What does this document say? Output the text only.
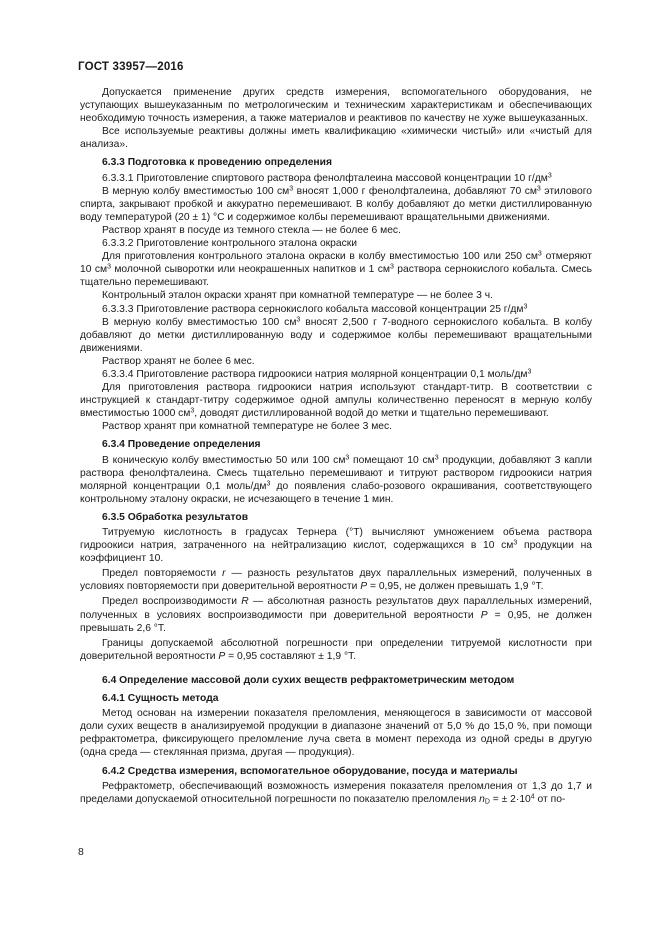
ГОСТ 33957—2016

Допускается применение других средств измерения, вспомогательного оборудования, не уступающих вышеуказанным по метрологическим и техническим характеристикам и обеспечивающих необходимую точность измерения, а также материалов и реактивов по качеству не хуже вышеуказанных.

Все используемые реактивы должны иметь квалификацию «химически чистый» или «чистый для анализа».

6.3.3 Подготовка к проведению определения

6.3.3.1 Приготовление спиртового раствора фенолфталеина массовой концентрации 10 $г/дм^3$

В мерную колбу вместимостью 100 $см^3$ вносят 1,000 г фенолфталеина, добавляют 70 $см^3$ этилового спирта, закрывают пробкой и аккуратно перемешивают. В колбу добавляют до метки дистиллированную воду температурой (20 ± 1) °С и содержимое колбы перемешивают вращательными движениями.

Раствор хранят в посуде из темного стекла — не более 6 мес.

6.3.3.2 Приготовление контрольного эталона окраски

Для приготовления контрольного эталона окраски в колбу вместимостью 100 или 250 $см^3$ отмеряют 10 $см^3$ молочной сыворотки или неокрашенных напитков и 1 $см^3$ раствора сернокислого кобальта. Смесь тщательно перемешивают.

Контрольный эталон окраски хранят при комнатной температуре — не более 3 ч.

6.3.3.3 Приготовление раствора сернокислого кобальта массовой концентрации 25 $г/дм^3$

В мерную колбу вместимостью 100 $см^3$ вносят 2,500 г 7-водного сернокислого кобальта. В колбу добавляют до метки дистиллированную воду и содержимое колбы перемешивают вращательными движениями.

Раствор хранят не более 6 мес.

6.3.3.4 Приготовление раствора гидроокиси натрия молярной концентрации 0,1 моль/$дм^3$

Для приготовления раствора гидроокиси натрия используют стандарт-титр. В соответствии с инструкцией к стандарт-титру содержимое одной ампулы количественно переносят в мерную колбу вместимостью 1000 $см^3$, доводят дистиллированной водой до метки и тщательно перемешивают.

Раствор хранят при комнатной температуре не более 3 мес.

6.3.4 Проведение определения

В коническую колбу вместимостью 50 или 100 $см^3$ помещают 10 $см^3$ продукции, добавляют 3 капли раствора фенолфталеина. Смесь тщательно перемешивают и титруют раствором гидроокиси натрия молярной концентрации 0,1 моль/$дм^3$ до появления слабо-розового окрашивания, соответствующего контрольному эталону окраски, не исчезающего в течение 1 мин.

6.3.5 Обработка результатов

Титруемую кислотность в градусах Тернера (°Т) вычисляют умножением объема раствора гидроокиси натрия, затраченного на нейтрализацию кислот, содержащихся в 10 $см^3$ продукции на коэффициент 10.

Предел повторяемости r — разность результатов двух параллельных измерений, полученных в условиях повторяемости при доверительной вероятности P = 0,95, не должен превышать 1,9 °Т.

Предел воспроизводимости R — абсолютная разность результатов двух параллельных измерений, полученных в условиях воспроизводимости при доверительной вероятности P = 0,95, не должен превышать 2,6 °Т.

Границы допускаемой абсолютной погрешности при определении титруемой кислотности при доверительной вероятности P = 0,95 составляют ± 1,9 °Т.

6.4 Определение массовой доли сухих веществ рефрактометрическим методом
6.4.1 Сущность метода

Метод основан на измерении показателя преломления, меняющегося в зависимости от массовой доли сухих веществ в анализируемой продукции в диапазоне значений от 5,0 % до 15,0 %, при помощи рефрактометра, фиксирующего преломление луча света в момент перехода из одной среды в другую (одна среда — стеклянная призма, другая — продукция).

6.4.2 Средства измерения, вспомогательное оборудование, посуда и материалы

Рефрактометр, обеспечивающий возможность измерения показателя преломления от 1,3 до 1,7 и пределами допускаемой относительной погрешности по показателю преломления $n_D$ = ± $2\cdot 10^4$ от по-

8
